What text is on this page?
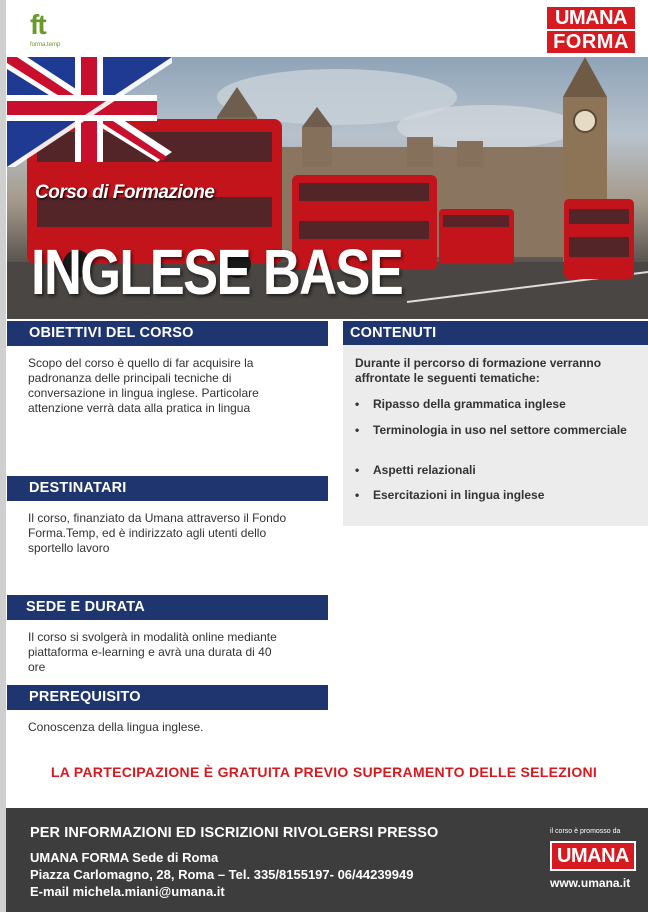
ft
forma.temp
UMANA
FORMA
Corso di Formazione
INGLESE BASE
OBIETTIVI DEL CORSO
Scopo del corso è quello di far acquisire la padronanza delle principali tecniche di conversazione in lingua inglese. Particolare attenzione verrà data alla pratica in lingua
CONTENUTI
Durante il percorso di formazione verranno affrontate le seguenti tematiche:
• Ripasso della grammatica inglese
• Terminologia in uso nel settore commerciale
• Aspetti relazionali
• Esercitazioni in lingua inglese
DESTINATARI
Il corso, finanziato da Umana attraverso il Fondo Forma.Temp, ed è indirizzato agli utenti dello sportello lavoro
SEDE E DURATA
Il corso si svolgerà in modalità online mediante piattaforma e-learning e avrà una durata di 40 ore
PREREQUISITO
Conoscenza della lingua inglese.
LA PARTECIPAZIONE È GRATUITA PREVIO SUPERAMENTO DELLE SELEZIONI
PER INFORMAZIONI ED ISCRIZIONI RIVOLGERSI PRESSO
UMANA FORMA Sede di Roma
Piazza Carlomagno, 28, Roma – Tel. 335/8155197- 06/44239949
E-mail michela.miani@umana.it
il corso è promosso da
UMANA
www.umana.it
